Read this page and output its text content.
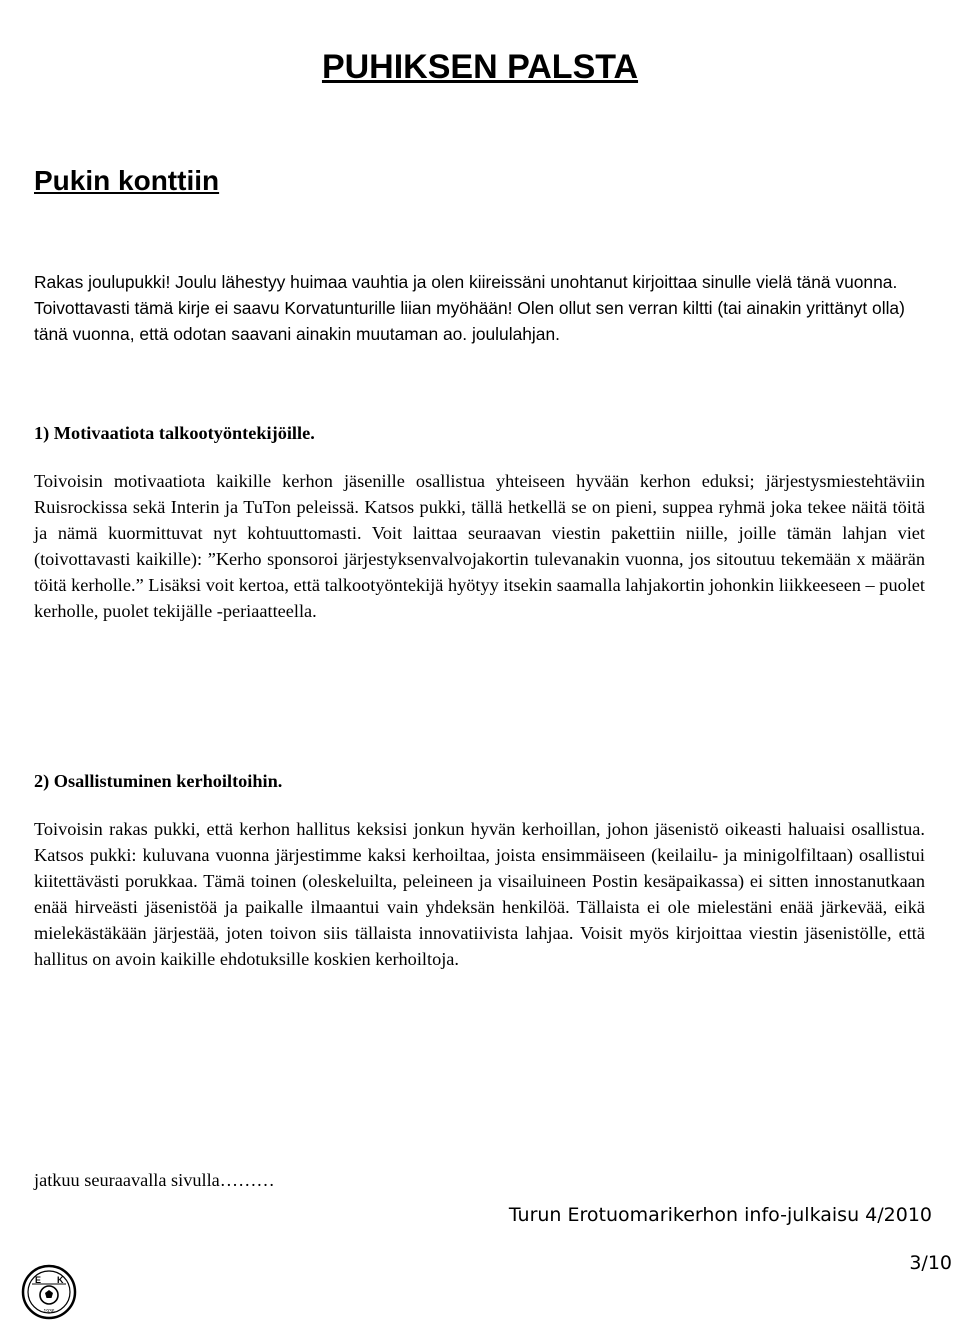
PUHIKSEN PALSTA
Pukin konttiin

Rakas joulupukki! Joulu lähestyy huimaa vauhtia ja olen kiireissäni unohtanut kirjoittaa sinulle vielä tänä vuonna. Toivottavasti tämä kirje ei saavu Korvatunturille liian myöhään! Olen ollut sen verran kiltti (tai ainakin yrittänyt olla) tänä vuonna, että odotan saavani ainakin muutaman ao. joululahjan.

1) Motivaatiota talkootyöntekijöille.

Toivoisin motivaatiota kaikille kerhon jäsenille osallistua yhteiseen hyvään kerhon eduksi; järjestysmiestehtäviin Ruisrockissa sekä Interin ja TuTon peleissä. Katsos pukki, tällä hetkellä se on pieni, suppea ryhmä joka tekee näitä töitä ja nämä kuormittuvat nyt kohtuuttomasti. Voit laittaa seuraavan viestin pakettiin niille, joille tämän lahjan viet (toivottavasti kaikille): ”Kerho sponsoroi järjestyksenvalvojakortin tulevanakin vuonna, jos sitoutuu tekemään x määrän töitä kerholle.” Lisäksi voit kertoa, että talkootyöntekijä hyötyy itsekin saamalla lahjakortin johonkin liikkeeseen – puolet kerholle, puolet tekijälle -periaatteella.

2) Osallistuminen kerhoiltoihin.

Toivoisin rakas pukki, että kerhon hallitus keksisi jonkun hyvän kerhoillan, johon jäsenistö oikeasti haluaisi osallistua. Katsos pukki: kuluvana vuonna järjestimme kaksi kerhoiltaa, joista ensimmäiseen (keilailu- ja minigolfiltaan) osallistui kiitettävästi porukkaa. Tämä toinen (oleskeluilta, peleineen ja visailuineen Postin kesäpaikassa) ei sitten innostanutkaan enää hirveästi jäsenistöä ja paikalle ilmaantui vain yhdeksän henkilöä. Tällaista ei ole mielestäni enää järkevää, eikä mielekästäkään järjestää, joten toivon siis tällaista innovatiivista lahjaa. Voisit myös kirjoittaa viestin jäsenistölle, että hallitus on avoin kaikille ehdotuksille koskien kerhoiltoja.

jatkuu seuraavalla sivulla………

Turun Erotuomarikerhon info-julkaisu 4/2010

3/10

E K
1936
